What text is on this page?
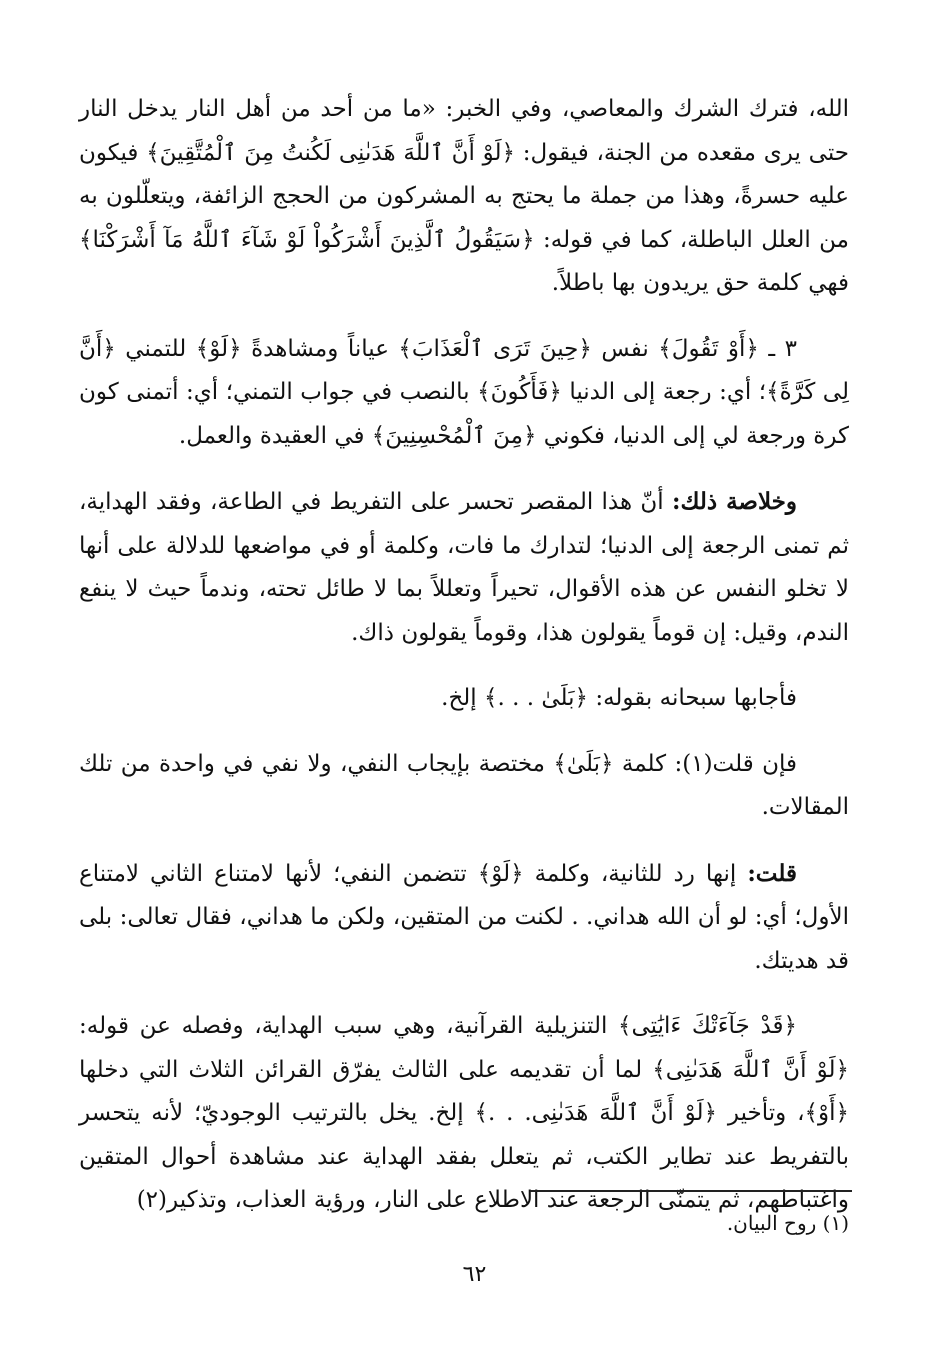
الله، فترك الشرك والمعاصي، وفي الخبر: «ما من أحد من أهل النار يدخل النار حتى يرى مقعده من الجنة، فيقول: ﴿لَوْ أَنَّ ٱللَّهَ هَدَىٰنِى لَكُنتُ مِنَ ٱلْمُتَّقِينَ﴾ فيكون عليه حسرةً، وهذا من جملة ما يحتج به المشركون من الحجج الزائفة، ويتعلّلون به من العلل الباطلة، كما في قوله: ﴿سَيَقُولُ ٱلَّذِينَ أَشْرَكُواْ لَوْ شَآءَ ٱللَّهُ مَآ أَشْرَكْنَا﴾ فهي كلمة حق يريدون بها باطلاً.

٣ ـ ﴿أَوْ تَقُولَ﴾ نفس ﴿حِينَ تَرَى ٱلْعَذَابَ﴾ عياناً ومشاهدةً ﴿لَوْ﴾ للتمني ﴿أَنَّ لِى كَرَّةً﴾؛ أي: رجعة إلى الدنيا ﴿فَأَكُونَ﴾ بالنصب في جواب التمني؛ أي: أتمنى كون كرة ورجعة لي إلى الدنيا، فكوني ﴿مِنَ ٱلْمُحْسِنِينَ﴾ في العقيدة والعمل.

وخلاصة ذلك: أنّ هذا المقصر تحسر على التفريط في الطاعة، وفقد الهداية، ثم تمنى الرجعة إلى الدنيا؛ لتدارك ما فات، وكلمة أو في مواضعها للدلالة على أنها لا تخلو النفس عن هذه الأقوال، تحيراً وتعللاً بما لا طائل تحته، وندماً حيث لا ينفع الندم، وقيل: إن قوماً يقولون هذا، وقوماً يقولون ذاك.

فأجابها سبحانه بقوله: ﴿بَلَىٰ . . .﴾ إلخ.

فإن قلت(١): كلمة ﴿بَلَىٰ﴾ مختصة بإيجاب النفي، ولا نفي في واحدة من تلك المقالات.

قلت: إنها رد للثانية، وكلمة ﴿لَوْ﴾ تتضمن النفي؛ لأنها لامتناع الثاني لامتناع الأول؛ أي: لو أن الله هداني. . لكنت من المتقين، ولكن ما هداني، فقال تعالى: بلى قد هديتك.

﴿قَدْ جَآءَتْكَ ءَايَٰتِى﴾ التنزيلية القرآنية، وهي سبب الهداية، وفصله عن قوله: ﴿لَوْ أَنَّ ٱللَّهَ هَدَىٰنِى﴾ لما أن تقديمه على الثالث يفرّق القرائن الثلاث التي دخلها ﴿أَوْ﴾، وتأخير ﴿لَوْ أَنَّ ٱللَّهَ هَدَىٰنِى. . .﴾ إلخ. يخل بالترتيب الوجوديّ؛ لأنه يتحسر بالتفريط عند تطاير الكتب، ثم يتعلل بفقد الهداية عند مشاهدة أحوال المتقين واغتباطهم، ثم يتمنّى الرجعة عند الاطلاع على النار، ورؤية العذاب، وتذكير(٢)

(١) روح البيان.
٦٢
